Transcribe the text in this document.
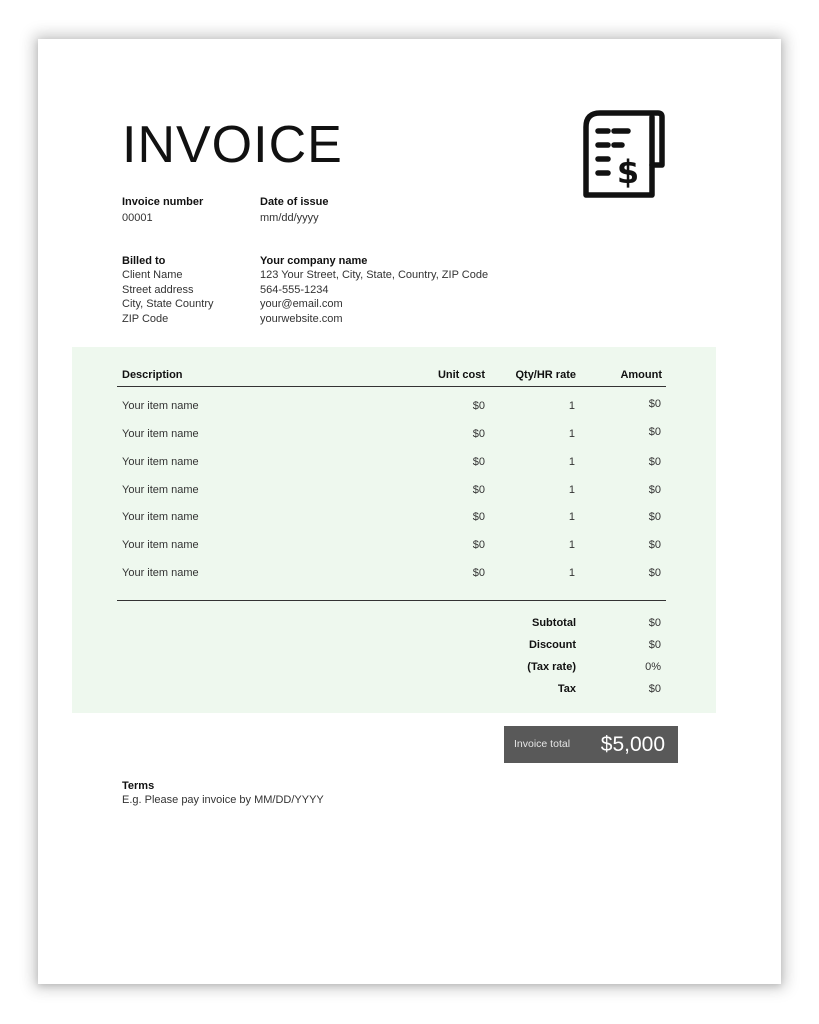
INVOICE	$
Invoice number
00001
Date of issue
mm/dd/yyyy
Billed to
Client Name
Street address
City, State Country
ZIP Code
Your company name
123 Your Street, City, State, Country, ZIP Code
564-555-1234
your@email.com
yourwebsite.com
Description	Unit cost	Qty/HR rate	Amount
Your item name	$0	1	$0
Your item name	$0	1	$0
Your item name	$0	1	$0
Your item name	$0	1	$0
Your item name	$0	1	$0
Your item name	$0	1	$0
Your item name	$0	1	$0
Subtotal	$0
Discount	$0
(Tax rate)	0%
Tax	$0
Invoice total $5,000
Terms
E.g. Please pay invoice by MM/DD/YYYY
